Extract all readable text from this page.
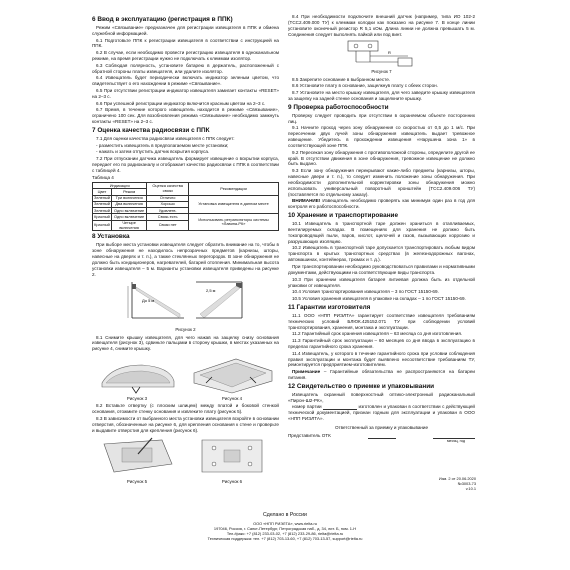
6 Ввод в эксплуатацию (регистрация в ППК)

Режим «Связывание» предназначен для регистрации извещателя в ППК и обмена служебной информацией.

6.1 Подготовьте ППК к регистрации извещателя в соответствии с инструкцией на ППК.

6.2 В случае, если необходимо провести регистрацию извещателя в одноканальном режиме, на время регистрации нужно не подключать к клеммам изолятор.

6.3 Соблюдая полярность, установите батарею в держатель, расположенный с обратной стороны платы извещателя, или удалите изолятор.

6.4 Извещатель будет периодически включать индикатор зеленым цветом, что свидетельствует о его нахождении в режиме «Связывание».

6.5 При отсутствии регистрации индикатор извещателя замигает контакты «RESET» на 2–3 с.

6.6 При успешной регистрации индикатор включится красным цветом на 2–3 с.

6.7 Время, в течение которого извещатель находится в режиме «Связывание», ограничено 100 сек. Для возобновления режима «Связывание» необходимо замкнуть контакты «RESET» на 2–3 с.

7 Оценка качества радиосвязи с ППК

7.1 Для оценки качества радиосвязи извещателя с ППК следует:

- разместить извещатель в предполагаемом месте установки;

- нажать и затем отпустить датчик вскрытия корпуса.

7.2 При отпускании датчика извещатель формирует извещение о вскрытии корпуса, передает его по радиоканалу и отображает качество радиосвязи с ППК в соответствии с таблицей 4.

Таблица 4

Индикация		Оценка качества связи	Рекомендации
Цвет	Режим		
Зеленый	Три включения	Отлично	Установка извещателя в данном месте
Зеленый	Два включения	Хорошо	
Зеленый	Одно включение	Удовлетв.	
Красный	Одно включение	Связь есть	Использовать ретрансляторы системы «Лавина-РК»
Красный	Четыре включения	Связи нет	
8 Установка

При выборе места установки извещателя следует обратить внимание на то, чтобы в зоне обнаружения не находилось непрозрачных предметов (карнизы, шторы, навесные на дверях и т. п.), а также стеклянных перегородок. В зоне обнаружения не должно быть кондиционеров, нагревателей, батарей отопления. Минимальная высота установки извещателя – 5 м. Варианты установки извещателя приведены на рисунке 2.

До 5 м
2,5 м
Рисунок 2

8.1 Снимите крышку извещателя, для чего нажав на защелку снизу основания извещателя (рисунок 3), сдвиньте пальцами в сторону крышки, в местах указанных на рисунке 4, снимите крышку.

Рисунок 3	Рисунок 4

8.2 Вставьте отвертку (с плоским шлицем) между платой и боковой стенкой основания, отожмите стенку основания и извлеките плату (рисунок 5).

8.3 В зависимости от выбранного места установки извещателя вскройте в основании отверстия, обозначенные на рисунке 6, для крепления основания к стене и проверьте и выдавите отверстия для крепления (рисунок 6).

Рисунок 5	Рисунок 6

8.4 При необходимости подключите внешний датчик (например, типа ИО 102-2 (ТСС2.409.000 ТУ) к клеммам колодки как показано на рисунке 7. В конце линии установите оконечный резистор R 5,1 кОм. Длина линии не должна превышать 5 м. Соединения следует выполнять пайкой или под винт.

R
Рисунок 7

8.5 Закрепите основание в выбранном месте.

8.6 Установите плату в основание, защелкнув плату с обеих сторон.

8.7 Установите на место крышку извещателя, для чего заведите крышку извещателя за защелку на задней стенке основания и защелкните крышку.

9 Проверка работоспособности

Проверку следует проводить при отсутствии в охраняемом объекте посторонних лиц.

9.1 Начните проход через зону обнаружения со скоростью от 0,5 до 1 м/с. При пересечении двух лучей зоны обнаружения извещатель выдает тревожное извещение. Убедитесь в прохождении извещения «Нарушена зона 1» в соответствующей зоне ППК.

9.2 Пересекая зону обнаружения с противоположной стороны, определите другой ее край. В отсутствии движения в зоне обнаружения, тревожное извещение не должно быть выдано.

9.3 Если зону обнаружения перекрывают какие-либо предметы (карнизы, шторы, навесные двери и т. п.), то следует изменить положение зоны обнаружения. При необходимости дополнительной корректировки зоны обнаружения можно использовать универсальный поворотный кронштейн (ТСС2.409.006 ТУ) (поставляется по отдельному заказу).

ВНИМАНИЕ! Извещатель необходимо проверять как минимум один раз в год для контроля его работоспособности.

10 Хранение и транспортирование

10.1 Извещатель в транспортной таре должен храниться в отапливаемых, вентилируемых складах. В помещениях для хранения не должно быть токопроводящей пыли, паров, кислот, щелочей и газов, вызывающих коррозию и разрушающих изоляцию.

10.2 Извещатель в транспортной таре допускается транспортировать любым видом транспорта в крытых транспортных средствах (в железнодорожных вагонах, автомашинах, контейнерах, трюмах и т. д.).

При транспортировании необходимо руководствоваться правилами и нормативными документами, действующими на соответствующие виды транспорта.

10.3 При хранении извещателя батарея литиевая должна быть из отдельной упаковки от извещателя.

10.4 Условия транспортирования извещателя – 3 по ГОСТ 15150-69.

10.5 Условия хранения извещателя в упаковке на складах – 1 по ГОСТ 15150-69.

11 Гарантии изготовителя

11.1 ООО «НПП РИЭЛТА» гарантирует соответствие извещателя требованиям технических условий БЛЮК.425152.071 ТУ при соблюдении условий транспортирования, хранения, монтажа и эксплуатации.

11.2 Гарантийный срок хранения извещателя – 63 месяца со дня изготовления.

11.3 Гарантийный срок эксплуатации – 60 месяцев со дня ввода в эксплуатацию в пределах гарантийного срока хранения.

11.4 Извещатель, у которого в течение гарантийного срока при условии соблюдения правил эксплуатации и монтажа будет выявлено несоответствие требованиям ТУ, ремонтируется предприятием-изготовителем.

Примечание – Гарантийные обязательства не распространяются на батареи питания.

12 Свидетельство о приемке и упаковывании

Извещатель охранный поверхностный оптико-электронный радиоканальный «Пирон-Ш2-РК»,

номер партии	изготовлен и упакован в соответствии с действующей технической документацией, признан годным для эксплуатации и упакован в ООО «НПП РИЭЛТА».

Ответственный за приемку и упаковывание

Представитель ОТК
месяц, год
Изм. 2 от 20.06.2020
№3003-73
v.10.1
Сделано в России
ООО «НПП РИЭЛТА», www.rielta.ru
197046, Россия, г. Санкт-Петербург, Петроградская наб., д. 34, лит. Б, пом. 1-Н
Тел./факс: +7 (812) 233-03-02, +7 (812) 233-29-86, rielta@rielta.ru
Техническая поддержка: тел. +7 (812) 703-13-60, +7 (812) 703-13-57, support@rielta.ru
